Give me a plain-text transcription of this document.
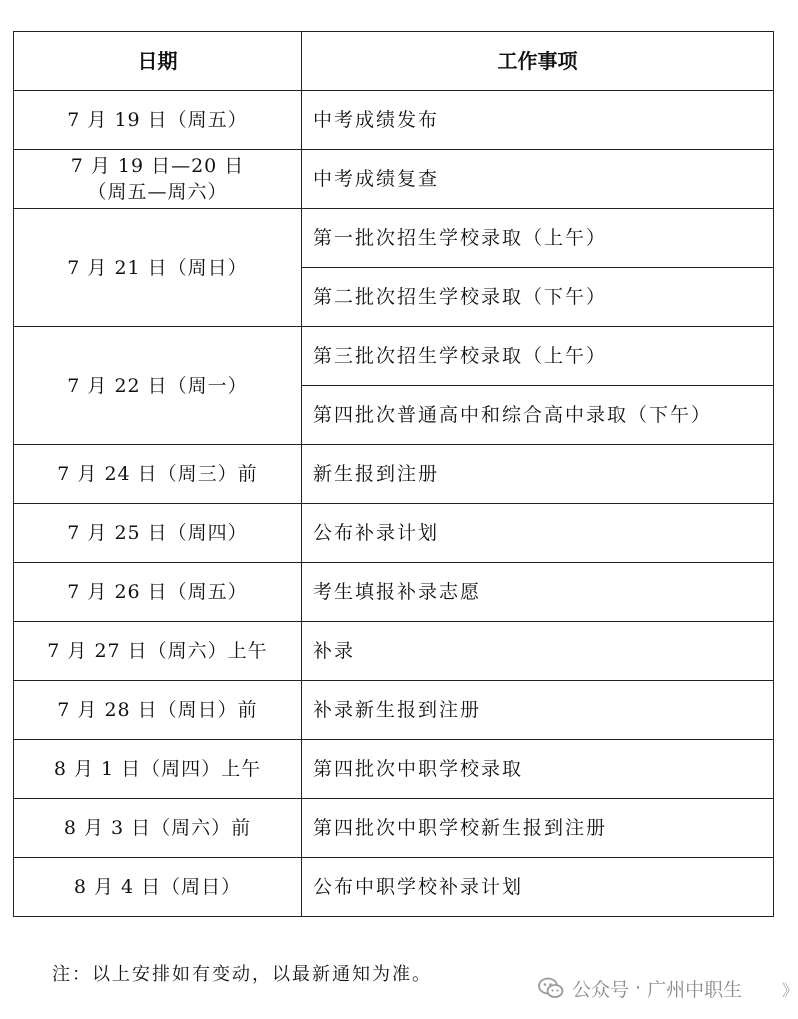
日期	工作事项
7 月 19 日（周五）	中考成绩发布

7 月 19 日—20 日
（周五—周六）	中考成绩复查
7 月 21 日（周日）	第一批次招生学校录取（上午）
	第二批次招生学校录取（下午）
7 月 22 日（周一）	第三批次招生学校录取（上午）
	第四批次普通高中和综合高中录取（下午）
7 月 24 日（周三）前	新生报到注册
7 月 25 日（周四）	公布补录计划
7 月 26 日（周五）	考生填报补录志愿
7 月 27 日（周六）上午	补录
7 月 28 日（周日）前	补录新生报到注册
8 月 1 日（周四）上午	第四批次中职学校录取
8 月 3 日（周六）前	第四批次中职学校新生报到注册
8 月 4 日（周日）	公布中职学校补录计划
注：以上安排如有变动，以最新通知为准。
公众号 · 广州中职生 》
